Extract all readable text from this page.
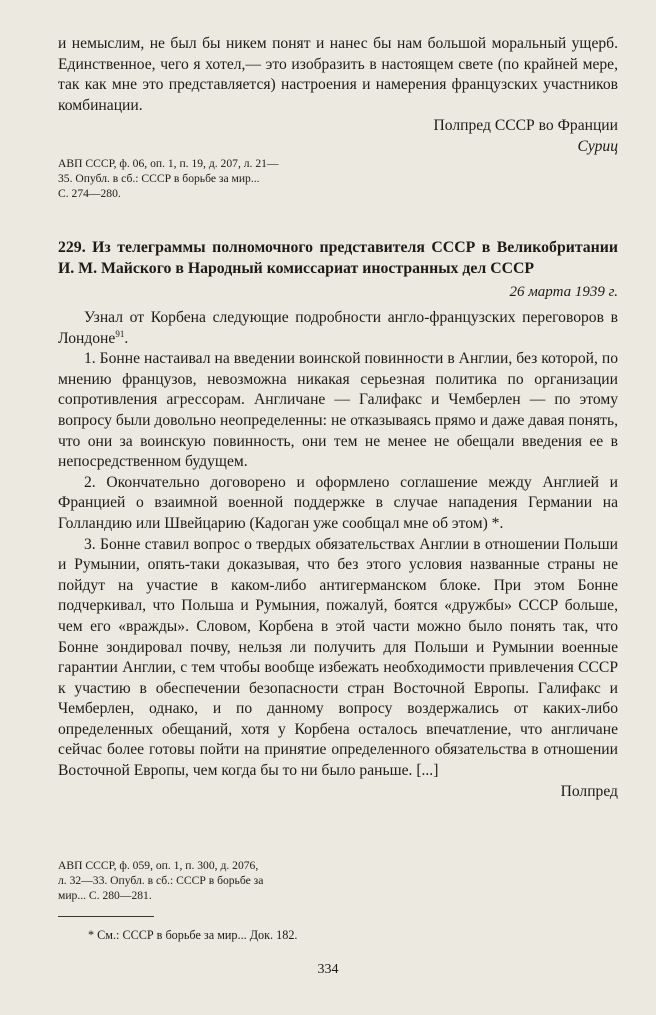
и немыслим, не был бы никем понят и нанес бы нам большой моральный ущерб. Единственное, чего я хотел,— это изобразить в настоящем свете (по крайней мере, так как мне это представляется) настроения и намерения французских участников комбинации.

Полпред СССР во Франции

Суриц

АВП СССР, ф. 06, оп. 1, п. 19, д. 207, л. 21—

35. Опубл. в сб.: СССР в борьбе за мир...

С. 274—280.

229. Из телеграммы полномочного представителя СССР в Великобритании И. М. Майского в Народный комиссариат иностранных дел СССР
26 марта 1939 г.

Узнал от Корбена следующие подробности англо-французских переговоров в Лондоне$^{91}$.

1. Бонне настаивал на введении воинской повинности в Англии, без которой, по мнению французов, невозможна никакая серьезная политика по организации сопротивления агрессорам. Англичане — Галифакс и Чемберлен — по этому вопросу были довольно неопределенны: не отказываясь прямо и даже давая понять, что они за воинскую повинность, они тем не менее не обещали введения ее в непосредственном будущем.

2. Окончательно договорено и оформлено соглашение между Англией и Францией о взаимной военной поддержке в случае нападения Германии на Голландию или Швейцарию (Кадоган уже сообщал мне об этом) *.

3. Бонне ставил вопрос о твердых обязательствах Англии в отношении Польши и Румынии, опять-таки доказывая, что без этого условия названные страны не пойдут на участие в каком-либо антигерманском блоке. При этом Бонне подчеркивал, что Польша и Румыния, пожалуй, боятся «дружбы» СССР больше, чем его «вражды». Словом, Корбена в этой части можно было понять так, что Бонне зондировал почву, нельзя ли получить для Польши и Румынии военные гарантии Англии, с тем чтобы вообще избежать необходимости привлечения СССР к участию в обеспечении безопасности стран Восточной Европы. Галифакс и Чемберлен, однако, и по данному вопросу воздержались от каких-либо определенных обещаний, хотя у Корбена осталось впечатление, что англичане сейчас более готовы пойти на принятие определенного обязательства в отношении Восточной Европы, чем когда бы то ни было раньше. [...]

Полпред

АВП СССР, ф. 059, оп. 1, п. 300, д. 2076,

л. 32—33. Опубл. в сб.: СССР в борьбе за

мир... С. 280—281.

* См.: СССР в борьбе за мир... Док. 182.
334
